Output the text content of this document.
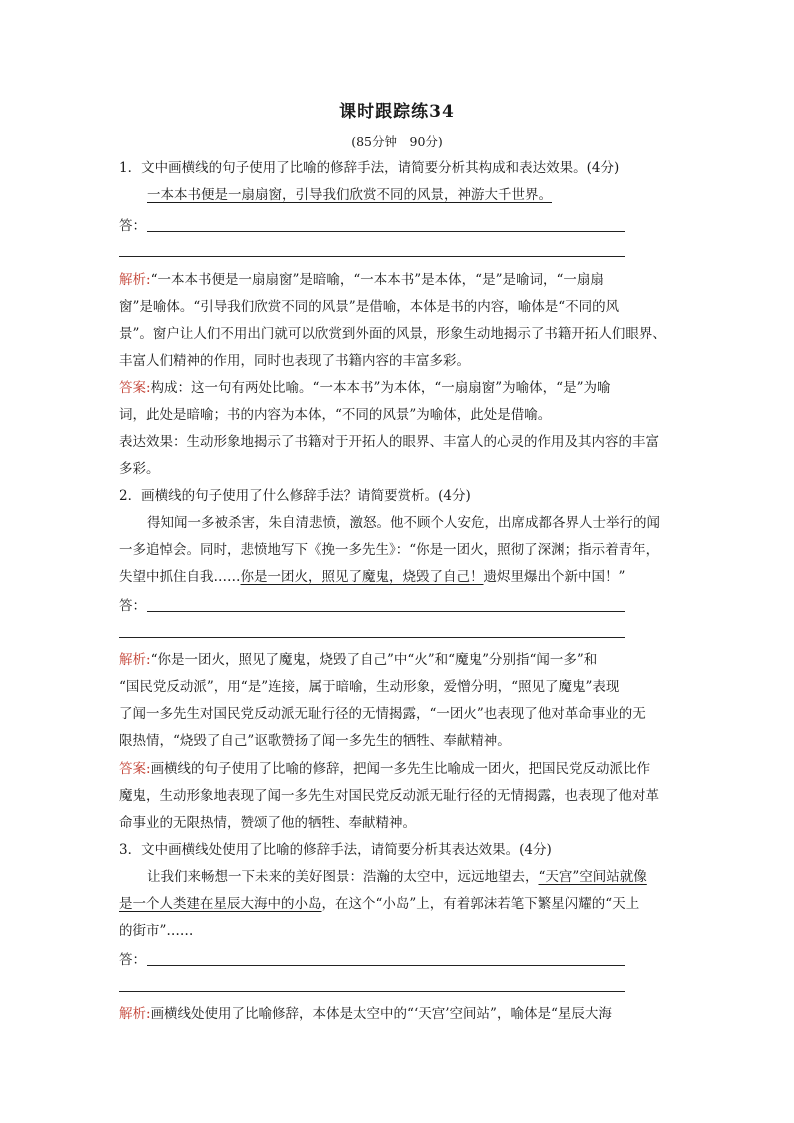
课时跟踪练34
(85分钟　90分)
1．文中画横线的句子使用了比喻的修辞手法，请简要分析其构成和表达效果。(4分)
一本本书便是一扇扇窗，引导我们欣赏不同的风景，神游大千世界。
答：
解析:“一本本书便是一扇扇窗”是暗喻，“一本本书”是本体，“是”是喻词，“一扇扇
窗”是喻体。“引导我们欣赏不同的风景”是借喻，本体是书的内容，喻体是“不同的风
景”。窗户让人们不用出门就可以欣赏到外面的风景，形象生动地揭示了书籍开拓人们眼界、
丰富人们精神的作用，同时也表现了书籍内容的丰富多彩。
答案:构成：这一句有两处比喻。“一本本书”为本体，“一扇扇窗”为喻体，“是”为喻
词，此处是暗喻；书的内容为本体，“不同的风景”为喻体，此处是借喻。
表达效果：生动形象地揭示了书籍对于开拓人的眼界、丰富人的心灵的作用及其内容的丰富
多彩。
2．画横线的句子使用了什么修辞手法？请简要赏析。(4分)
得知闻一多被杀害，朱自清悲愤，激怒。他不顾个人安危，出席成都各界人士举行的闻
一多追悼会。同时，悲愤地写下《挽一多先生》：“你是一团火，照彻了深渊；指示着青年，
失望中抓住自我……你是一团火，照见了魔鬼，烧毁了自己！遗烬里爆出个新中国！”
答：
解析:“你是一团火，照见了魔鬼，烧毁了自己”中“火”和“魔鬼”分别指“闻一多”和
“国民党反动派”，用“是”连接，属于暗喻，生动形象，爱憎分明，“照见了魔鬼”表现
了闻一多先生对国民党反动派无耻行径的无情揭露，“一团火”也表现了他对革命事业的无
限热情，“烧毁了自己”讴歌赞扬了闻一多先生的牺牲、奉献精神。
答案:画横线的句子使用了比喻的修辞，把闻一多先生比喻成一团火，把国民党反动派比作
魔鬼，生动形象地表现了闻一多先生对国民党反动派无耻行径的无情揭露，也表现了他对革
命事业的无限热情，赞颂了他的牺牲、奉献精神。
3．文中画横线处使用了比喻的修辞手法，请简要分析其表达效果。(4分)
让我们来畅想一下未来的美好图景：浩瀚的太空中，远远地望去，“天宫”空间站就像
是一个人类建在星辰大海中的小岛，在这个“小岛”上，有着郭沫若笔下繁星闪耀的“天上
的街市”……
答：
解析:画横线处使用了比喻修辞，本体是太空中的“‘天宫’空间站”，喻体是“星辰大海
